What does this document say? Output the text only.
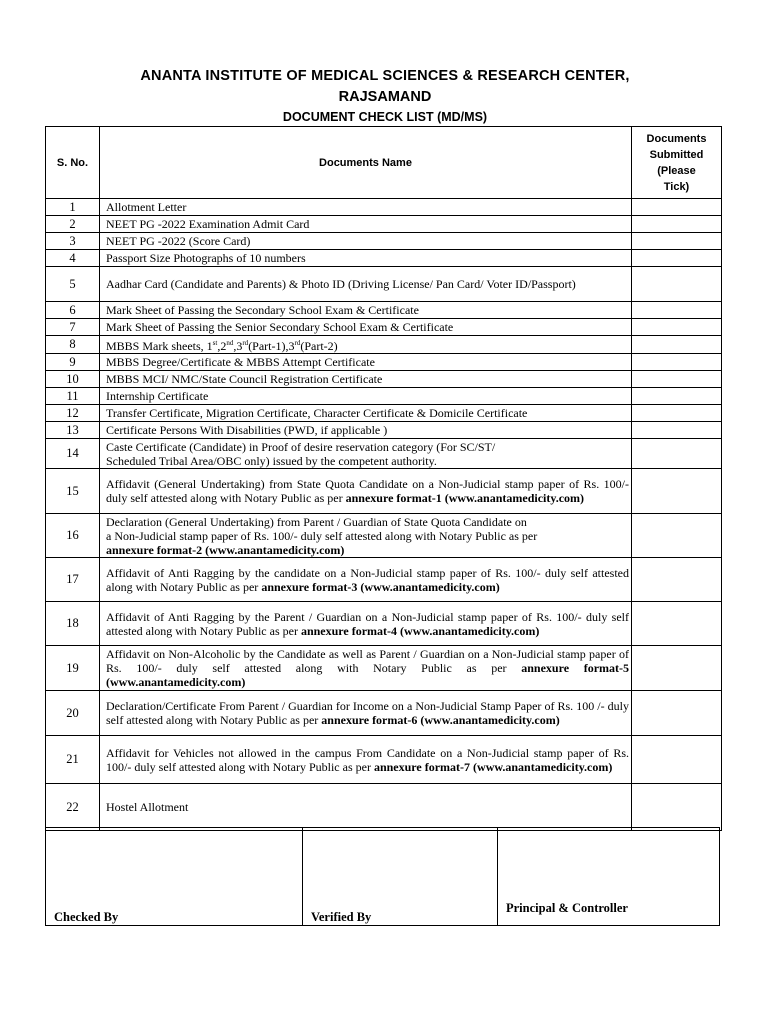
ANANTA INSTITUTE OF MEDICAL SCIENCES & RESEARCH CENTER,
RAJSAMAND
DOCUMENT CHECK LIST (MD/MS)
S. No.	Documents Name	Documents
Submitted
(Please
Tick)
1	Allotment Letter	
2	NEET PG -2022 Examination Admit Card	
3	NEET PG -2022 (Score Card)	
4	Passport Size Photographs of 10 numbers	
5	Aadhar Card (Candidate and Parents) & Photo ID (Driving License/ Pan Card/ Voter ID/Passport)	
6	Mark Sheet of Passing the Secondary School Exam & Certificate	
7	Mark Sheet of Passing the Senior Secondary School Exam & Certificate	
8	MBBS Mark sheets, 1st,2nd,3rd(Part-1),3rd(Part-2)	
9	MBBS Degree/Certificate & MBBS Attempt Certificate	
10	MBBS MCI/ NMC/State Council Registration Certificate	
11	Internship Certificate	
12	Transfer Certificate, Migration Certificate, Character Certificate & Domicile Certificate	
13	Certificate Persons With Disabilities (PWD, if applicable )	
14	Caste Certificate (Candidate) in Proof of desire reservation category (For SC/ST/
Scheduled Tribal Area/OBC only) issued by the competent authority.	
15	Affidavit (General Undertaking) from State Quota Candidate on a Non-Judicial stamp paper of Rs. 100/- duly self attested along with Notary Public as per annexure format-1 (www.anantamedicity.com)	
16	Declaration (General Undertaking) from Parent / Guardian of State Quota Candidate on
a Non-Judicial stamp paper of Rs. 100/- duly self attested along with Notary Public as per
annexure format-2 (www.anantamedicity.com)	
17	Affidavit of Anti Ragging by the candidate on a Non-Judicial stamp paper of Rs. 100/- duly self attested along with Notary Public as per annexure format-3 (www.anantamedicity.com)	
18	Affidavit of Anti Ragging by the Parent / Guardian on a Non-Judicial stamp paper of Rs. 100/- duly self attested along with Notary Public as per annexure format-4 (www.anantamedicity.com)	
19	Affidavit on Non-Alcoholic by the Candidate as well as Parent / Guardian on a Non-Judicial stamp paper of Rs. 100/- duly self attested along with Notary Public as per annexure format-5 (www.anantamedicity.com)	
20	Declaration/Certificate From Parent / Guardian for Income on a Non-Judicial Stamp Paper of Rs. 100 /- duly self attested along with Notary Public as per annexure format-6 (www.anantamedicity.com)	
21	Affidavit for Vehicles not allowed in the campus From Candidate on a Non-Judicial stamp paper of Rs. 100/- duly self attested along with Notary Public as per annexure format-7 (www.anantamedicity.com)	
22	Hostel Allotment	
Checked By	Verified By

Principal & Controller
